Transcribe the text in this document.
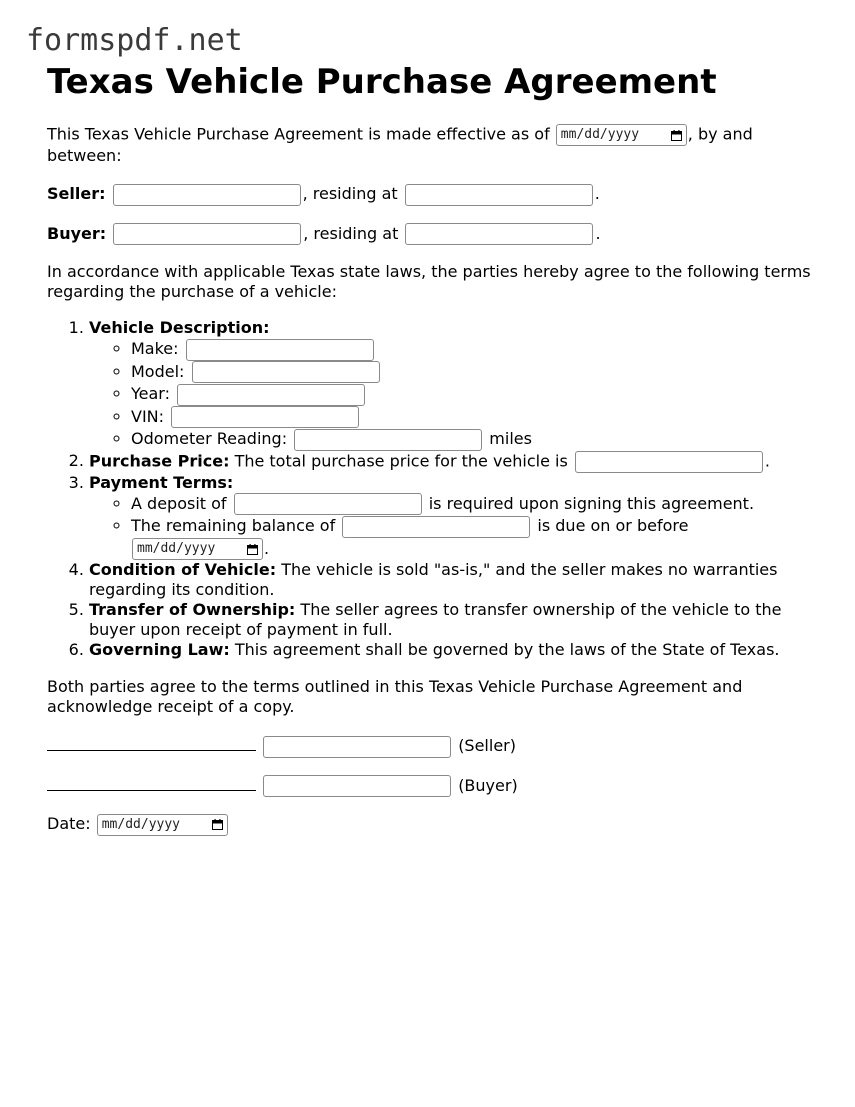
formspdf.net
Texas Vehicle Purchase Agreement

This Texas Vehicle Purchase Agreement is made effective as of mm/dd/yyyy	, by and between:

Seller:	, residing at	.

Buyer:	, residing at	.

In accordance with applicable Texas state laws, the parties hereby agree to the following terms regarding the purchase of a vehicle:

1. Vehicle Description:
◦ Make:
◦ Model:
◦ Year:
◦ VIN:
◦ Odometer Reading:	miles
2. Purchase Price: The total purchase price for the vehicle is	.
3. Payment Terms:
◦ A deposit of	is required upon signing this agreement.
◦ The remaining balance of	is due on or before
mm/dd/yyyy	.
4. Condition of Vehicle: The vehicle is sold "as-is," and the seller makes no warranties regarding its condition.
5. Transfer of Ownership: The seller agrees to transfer ownership of the vehicle to the buyer upon receipt of payment in full.
6. Governing Law: This agreement shall be governed by the laws of the State of Texas.

Both parties agree to the terms outlined in this Texas Vehicle Purchase Agreement and acknowledge receipt of a copy.

(Seller)

(Buyer)

Date: mm/dd/yyyy
